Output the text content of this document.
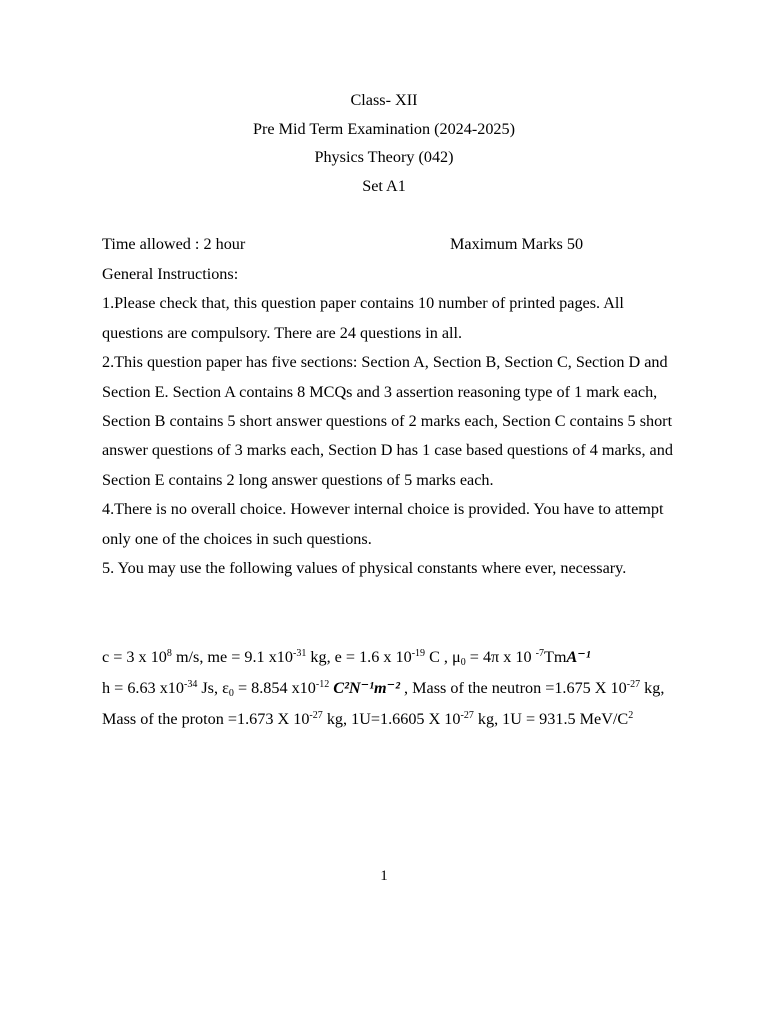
Class- XII
Pre Mid Term Examination (2024-2025)
Physics Theory (042)
Set A1
Time allowed : 2 hour	Maximum Marks 50

General Instructions:

1.Please check that, this question paper contains 10 number of printed pages. All questions are compulsory. There are 24 questions in all.

2.This question paper has five sections: Section A, Section B, Section C, Section D and Section E. Section A contains 8 MCQs and 3 assertion reasoning type of 1 mark each, Section B contains 5 short answer questions of 2 marks each, Section C contains 5 short answer questions of 3 marks each, Section D has 1 case based questions of 4 marks, and Section E contains 2 long answer questions of 5 marks each.

4.There is no overall choice. However internal choice is provided. You have to attempt only one of the choices in such questions.

5. You may use the following values of physical constants where ever, necessary.

c = 3 x $10^8$ m/s, me = 9.1 $x10^{-31}$ kg, e = 1.6 x $10^{-19}$ C , $\mu_0 = 4\pi$ x 10 $^{-7}$TmA⁻¹

h = 6.63 $x10^{-34}$ Js, $\varepsilon_0 = 8.854$ $x10^{-12}$ C²N⁻¹m⁻² , Mass of the neutron =1.675 X $10^{-27}$ kg, Mass of the proton =1.673 X $10^{-27}$ kg, 1U=1.6605 X $10^{-27}$ kg, 1U = 931.5 MeV/$C^2$

1
